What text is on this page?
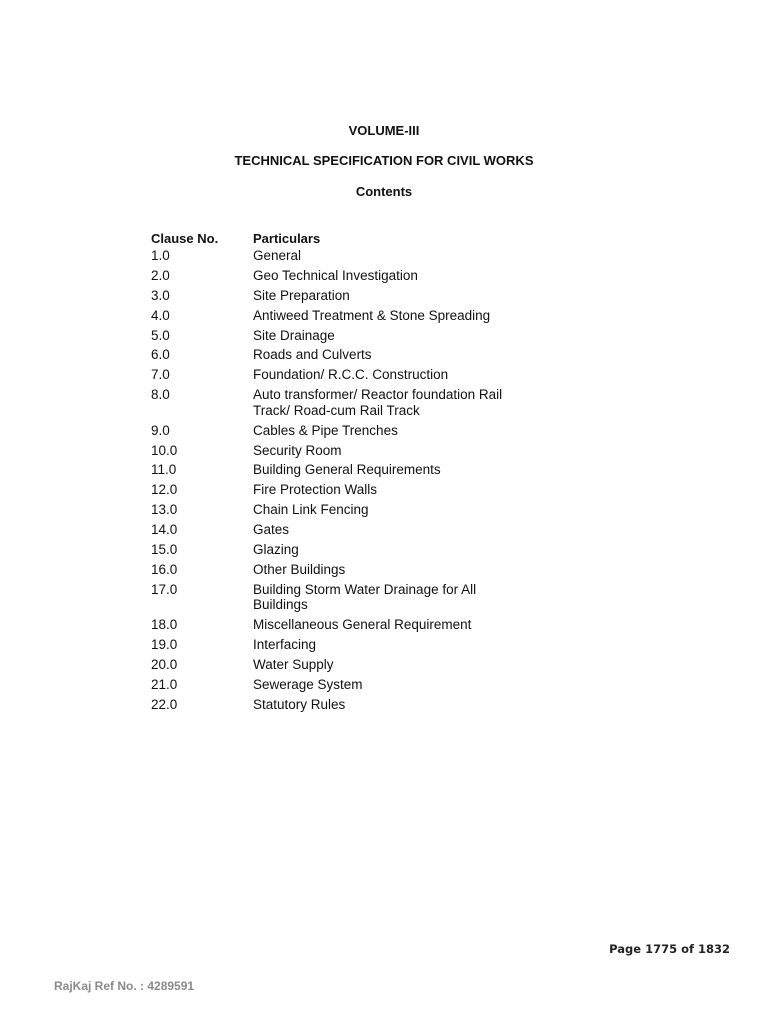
VOLUME-III
TECHNICAL SPECIFICATION FOR CIVIL WORKS
Contents
Clause No.	Particulars
1.0	General
2.0	Geo Technical Investigation
3.0	Site Preparation
4.0	Antiweed Treatment & Stone Spreading
5.0	Site Drainage
6.0	Roads and Culverts
7.0	Foundation/ R.C.C. Construction
8.0	Auto transformer/ Reactor foundation Rail Track/ Road-cum Rail Track
9.0	Cables & Pipe Trenches
10.0	Security Room
11.0	Building General Requirements
12.0	Fire Protection Walls
13.0	Chain Link Fencing
14.0	Gates
15.0	Glazing
16.0	Other Buildings
17.0	Building Storm Water Drainage for All Buildings
18.0	Miscellaneous General Requirement
19.0	Interfacing
20.0	Water Supply
21.0	Sewerage System
22.0	Statutory Rules
Page 1775 of 1832
RajKaj Ref No. : 4289591
